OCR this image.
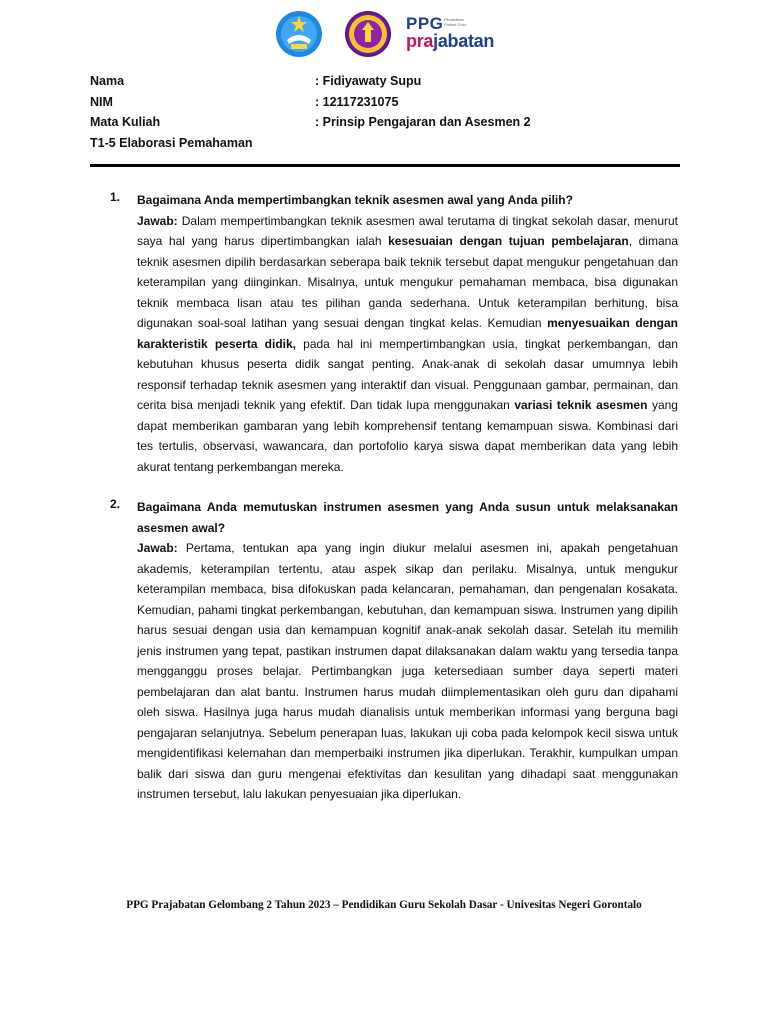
PPG Pendidikan Profesi Guru
prajabatan
Nama	: Fidiyawaty Supu
NIM	: 12117231075
Mata Kuliah	: Prinsip Pengajaran dan Asesmen 2
T1-5 Elaborasi Pemahaman
1. Bagaimana Anda mempertimbangkan teknik asesmen awal yang Anda pilih?

Jawab: Dalam mempertimbangkan teknik asesmen awal terutama di tingkat sekolah dasar, menurut saya hal yang harus dipertimbangkan ialah kesesuaian dengan tujuan pembelajaran, dimana teknik asesmen dipilih berdasarkan seberapa baik teknik tersebut dapat mengukur pengetahuan dan keterampilan yang diinginkan. Misalnya, untuk mengukur pemahaman membaca, bisa digunakan teknik membaca lisan atau tes pilihan ganda sederhana. Untuk keterampilan berhitung, bisa digunakan soal-soal latihan yang sesuai dengan tingkat kelas. Kemudian menyesuaikan dengan karakteristik peserta didik, pada hal ini mempertimbangkan usia, tingkat perkembangan, dan kebutuhan khusus peserta didik sangat penting. Anak-anak di sekolah dasar umumnya lebih responsif terhadap teknik asesmen yang interaktif dan visual. Penggunaan gambar, permainan, dan cerita bisa menjadi teknik yang efektif. Dan tidak lupa menggunakan variasi teknik asesmen yang dapat memberikan gambaran yang lebih komprehensif tentang kemampuan siswa. Kombinasi dari tes tertulis, observasi, wawancara, dan portofolio karya siswa dapat memberikan data yang lebih akurat tentang perkembangan mereka.

2. Bagaimana Anda memutuskan instrumen asesmen yang Anda susun untuk melaksanakan asesmen awal?

Jawab: Pertama, tentukan apa yang ingin diukur melalui asesmen ini, apakah pengetahuan akademis, keterampilan tertentu, atau aspek sikap dan perilaku. Misalnya, untuk mengukur keterampilan membaca, bisa difokuskan pada kelancaran, pemahaman, dan pengenalan kosakata. Kemudian, pahami tingkat perkembangan, kebutuhan, dan kemampuan siswa. Instrumen yang dipilih harus sesuai dengan usia dan kemampuan kognitif anak-anak sekolah dasar. Setelah itu memilih jenis instrumen yang tepat, pastikan instrumen dapat dilaksanakan dalam waktu yang tersedia tanpa mengganggu proses belajar. Pertimbangkan juga ketersediaan sumber daya seperti materi pembelajaran dan alat bantu. Instrumen harus mudah diimplementasikan oleh guru dan dipahami oleh siswa. Hasilnya juga harus mudah dianalisis untuk memberikan informasi yang berguna bagi pengajaran selanjutnya. Sebelum penerapan luas, lakukan uji coba pada kelompok kecil siswa untuk mengidentifikasi kelemahan dan memperbaiki instrumen jika diperlukan. Terakhir, kumpulkan umpan balik dari siswa dan guru mengenai efektivitas dan kesulitan yang dihadapi saat menggunakan instrumen tersebut, lalu lakukan penyesuaian jika diperlukan.

PPG Prajabatan Gelombang 2 Tahun 2023 – Pendidikan Guru Sekolah Dasar - Univesitas Negeri Gorontalo
